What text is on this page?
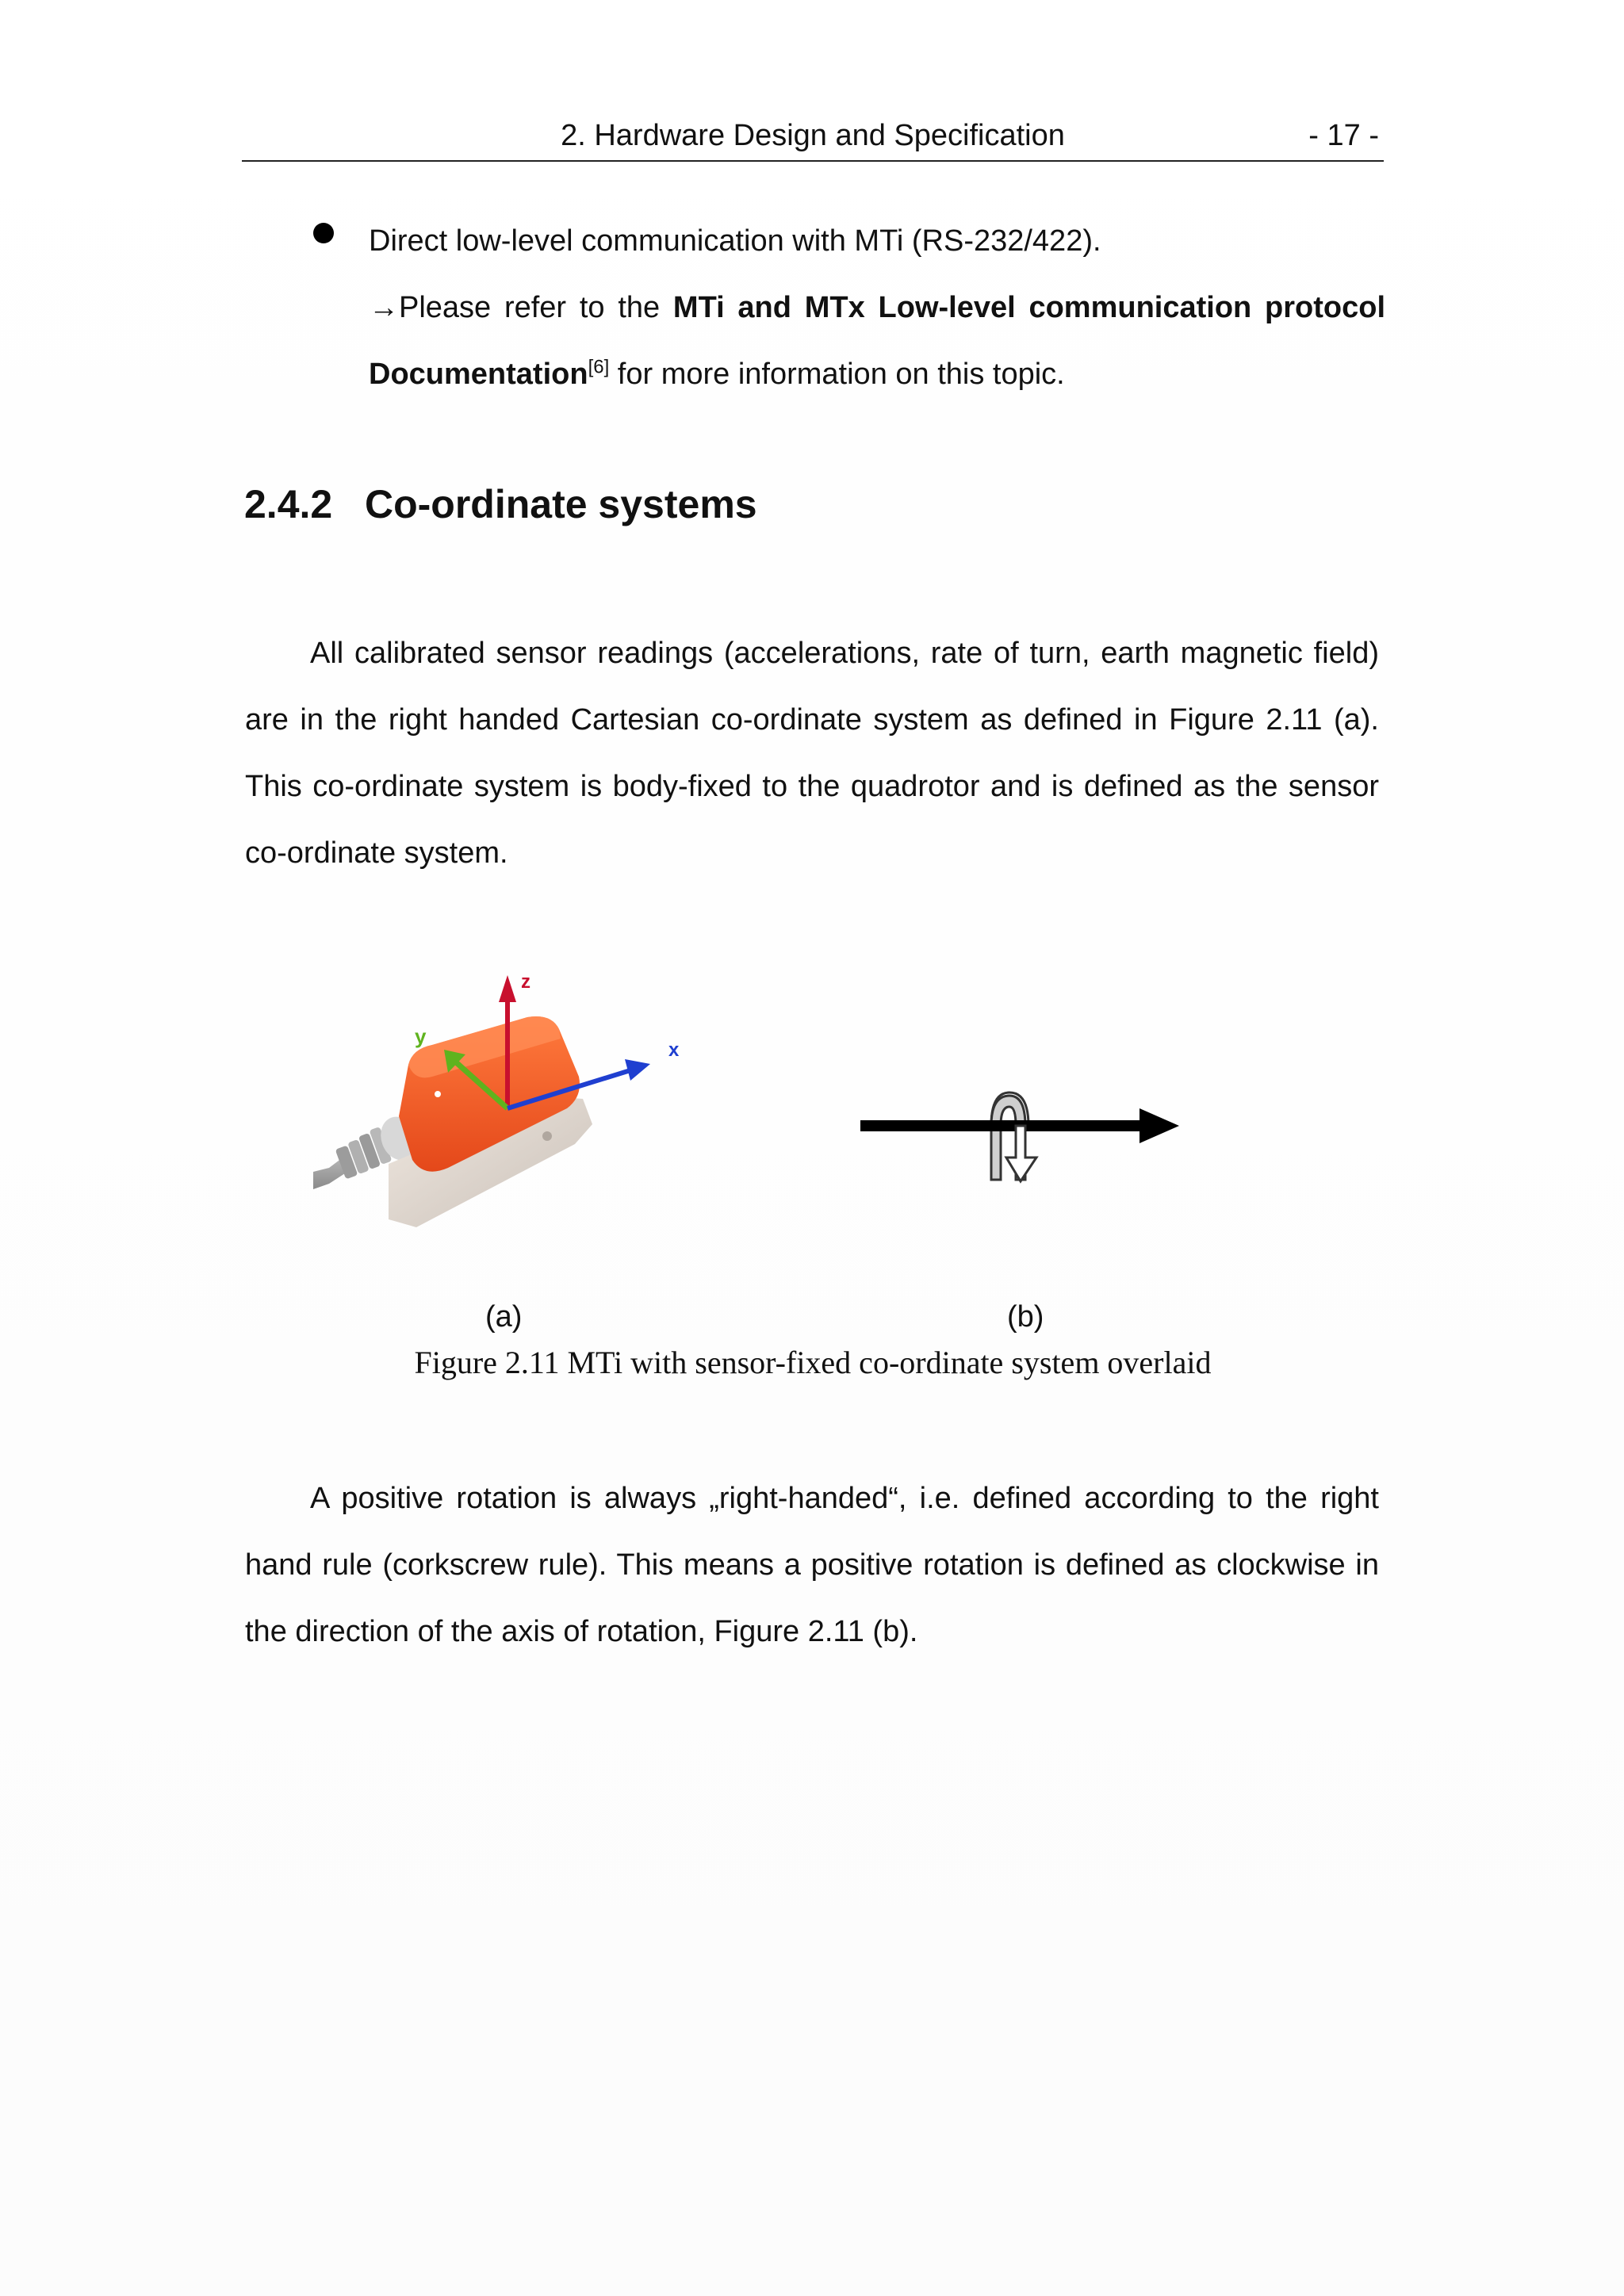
2. Hardware Design and Specification	- 17 -
Direct low-level communication with MTi (RS-232/422).
→Please refer to the MTi and MTx Low-level communication protocol
Documentation[6] for more information on this topic.
2.4.2 Co-ordinate systems
All calibrated sensor readings (accelerations, rate of turn, earth magnetic field) are in the right handed Cartesian co-ordinate system as defined in Figure 2.11 (a). This co-ordinate system is body-fixed to the quadrotor and is defined as the sensor co-ordinate system.
z
y
x
(a)	(b)
Figure 2.11 MTi with sensor-fixed co-ordinate system overlaid
A positive rotation is always „right-handed“, i.e. defined according to the right hand rule (corkscrew rule). This means a positive rotation is defined as clockwise in the direction of the axis of rotation, Figure 2.11 (b).
